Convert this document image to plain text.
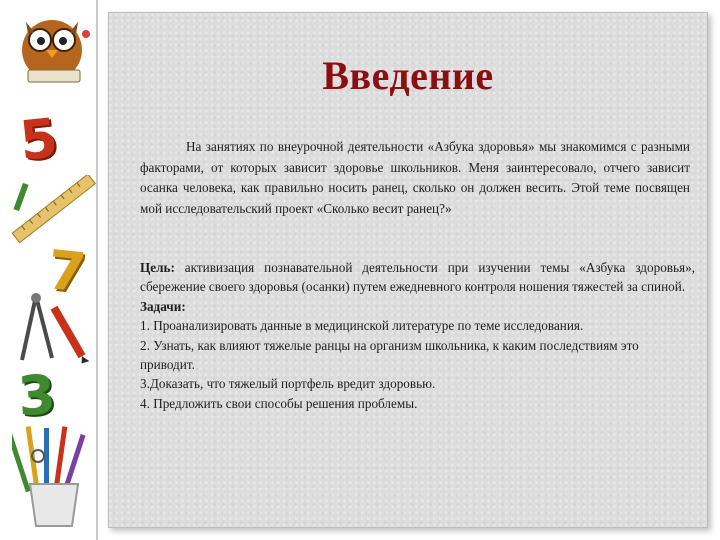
5
7
3
Введение

На занятиях по внеурочной деятельности «Азбука здоровья» мы знакомимся с разными факторами, от которых зависит здоровье школьников. Меня заинтересовало, отчего зависит осанка человека, как правильно носить ранец, сколько он должен весить. Этой теме посвящен мой исследовательский проект «Сколько весит ранец?»

Цель: активизация познавательной деятельности при изучении темы «Азбука здоровья», сбережение своего здоровья (осанки) путем ежедневного контроля ношения тяжестей за спиной.

Задачи:

1. Проанализировать данные в медицинской литературе по теме исследования.

2. Узнать, как влияют тяжелые ранцы на организм школьника, к каким последствиям это приводит.

3.Доказать, что тяжелый портфель вредит здоровью.

4. Предложить свои способы решения проблемы.
